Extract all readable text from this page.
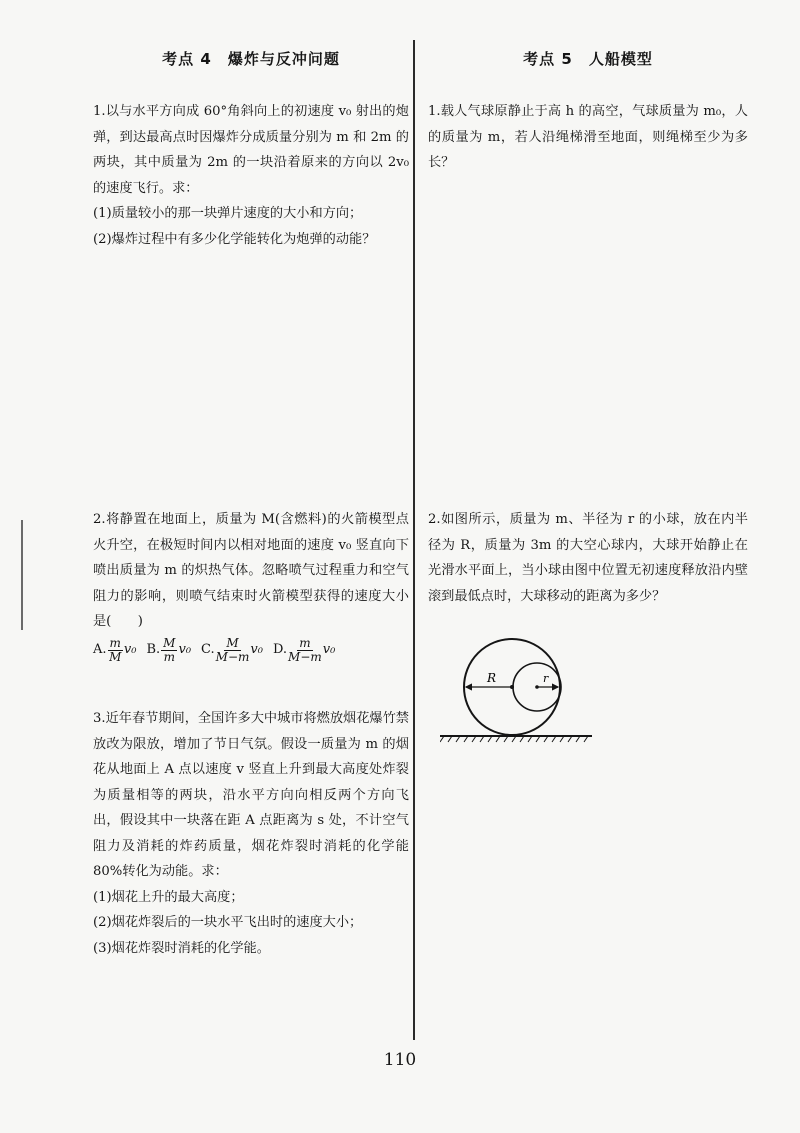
考点 4　爆炸与反冲问题

1.以与水平方向成 60°角斜向上的初速度 v₀ 射出的炮弹，到达最高点时因爆炸分成质量分别为 m 和 2m 的两块，其中质量为 2m 的一块沿着原来的方向以 2v₀ 的速度飞行。求：

(1)质量较小的那一块弹片速度的大小和方向；

(2)爆炸过程中有多少化学能转化为炮弹的动能？

2.将静置在地面上，质量为 M(含燃料)的火箭模型点火升空，在极短时间内以相对地面的速度 v₀ 竖直向下喷出质量为 m 的炽热气体。忽略喷气过程重力和空气阻力的影响，则喷气结束时火箭模型获得的速度大小是(　　)

A. $\frac{m}{M} v_0$ B. $\frac{M}{m} v_0$ C. $\frac{M}{M-m} v_0$ D. $\frac{m}{M-m} v_0$

3.近年春节期间，全国许多大中城市将燃放烟花爆竹禁放改为限放，增加了节日气氛。假设一质量为 m 的烟花从地面上 A 点以速度 v 竖直上升到最大高度处炸裂为质量相等的两块，沿水平方向向相反两个方向飞出，假设其中一块落在距 A 点距离为 s 处，不计空气阻力及消耗的炸药质量，烟花炸裂时消耗的化学能 80%转化为动能。求：

(1)烟花上升的最大高度；

(2)烟花炸裂后的一块水平飞出时的速度大小；

(3)烟花炸裂时消耗的化学能。

考点 5　人船模型

1.载人气球原静止于高 h 的高空，气球质量为 m₀，人的质量为 m，若人沿绳梯滑至地面，则绳梯至少为多长？

2.如图所示，质量为 m、半径为 r 的小球，放在内半径为 R，质量为 3m 的大空心球内，大球开始静止在光滑水平面上，当小球由图中位置无初速度释放沿内壁滚到最低点时，大球移动的距离为多少？

R	r
110
